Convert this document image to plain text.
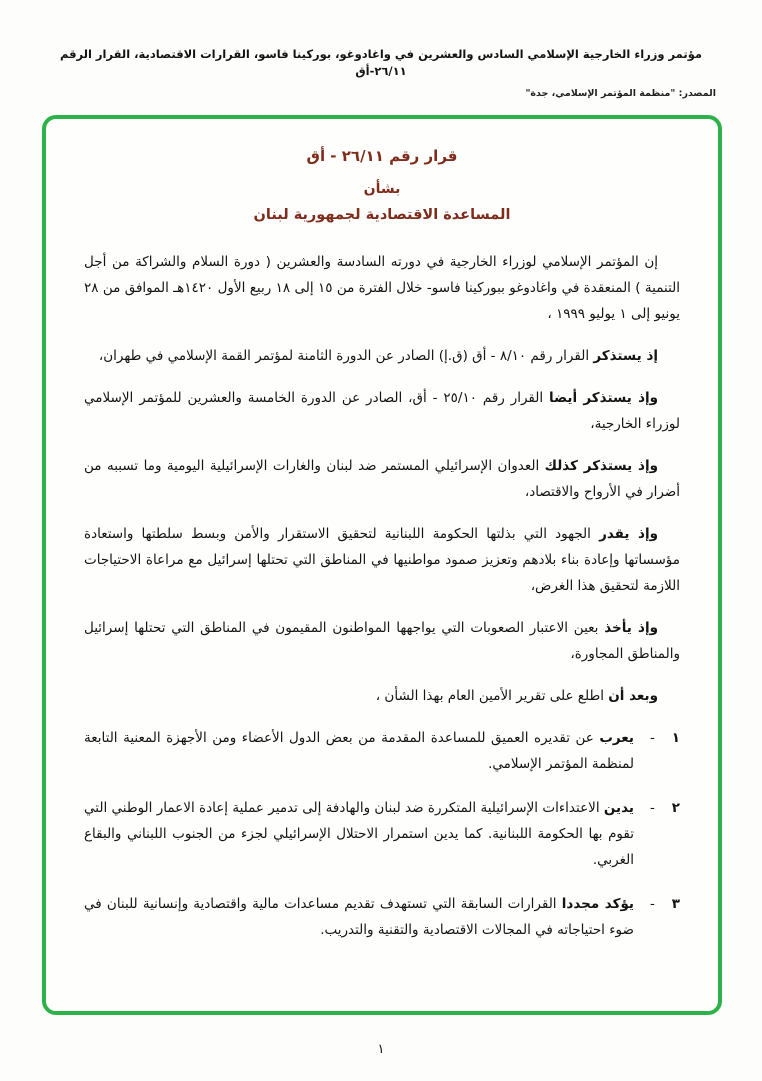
مؤتمر وزراء الخارجية الإسلامي السادس والعشرين في واغادوغو، بوركينا فاسو، القرارات الاقتصادية، القرار الرقم ٢٦/١١-أق
المصدر: "منظمة المؤتمر الإسلامي، جدة"
قرار رقم ٢٦/١١ - أق
بشأن
المساعدة الاقتصادية لجمهورية لبنان

إن المؤتمر الإسلامي لوزراء الخارجية في دورته السادسة والعشرين ( دورة السلام والشراكة من أجل التنمية ) المنعقدة في واغادوغو ببوركينا فاسو- خلال الفترة من ١٥ إلى ١٨ ربيع الأول ١٤٢٠هـ الموافق من ٢٨ يونيو إلى ١ يوليو ١٩٩٩ ،

إذ يستذكر القرار رقم ٨/١٠ - أق (ق.إ) الصادر عن الدورة الثامنة لمؤتمر القمة الإسلامي في طهران،

وإذ يستذكر أيضا القرار رقم ٢٥/١٠ - أق، الصادر عن الدورة الخامسة والعشرين للمؤتمر الإسلامي لوزراء الخارجية،

وإذ يستذكر كذلك العدوان الإسرائيلي المستمر ضد لبنان والغارات الإسرائيلية اليومية وما تسببه من أضرار في الأرواح والاقتصاد،

وإذ يقدر الجهود التي بذلتها الحكومة اللبنانية لتحقيق الاستقرار والأمن وبسط سلطتها واستعادة مؤسساتها وإعادة بناء بلادهم وتعزيز صمود مواطنيها في المناطق التي تحتلها إسرائيل مع مراعاة الاحتياجات اللازمة لتحقيق هذا الغرض،

وإذ يأخذ بعين الاعتبار الصعوبات التي يواجهها المواطنون المقيمون في المناطق التي تحتلها إسرائيل والمناطق المجاورة،

وبعد أن اطلع على تقرير الأمين العام بهذا الشأن ،

١
-
يعرب عن تقديره العميق للمساعدة المقدمة من بعض الدول الأعضاء ومن الأجهزة المعنية التابعة لمنظمة المؤتمر الإسلامي.
٢
-
يدين الاعتداءات الإسرائيلية المتكررة ضد لبنان والهادفة إلى تدمير عملية إعادة الاعمار الوطني التي تقوم بها الحكومة اللبنانية. كما يدين استمرار الاحتلال الإسرائيلي لجزء من الجنوب اللبناني والبقاع الغربي.
٣
-
يؤكد مجددا القرارات السابقة التي تستهدف تقديم مساعدات مالية واقتصادية وإنسانية للبنان في ضوء احتياجاته في المجالات الاقتصادية والتقنية والتدريب.
١
